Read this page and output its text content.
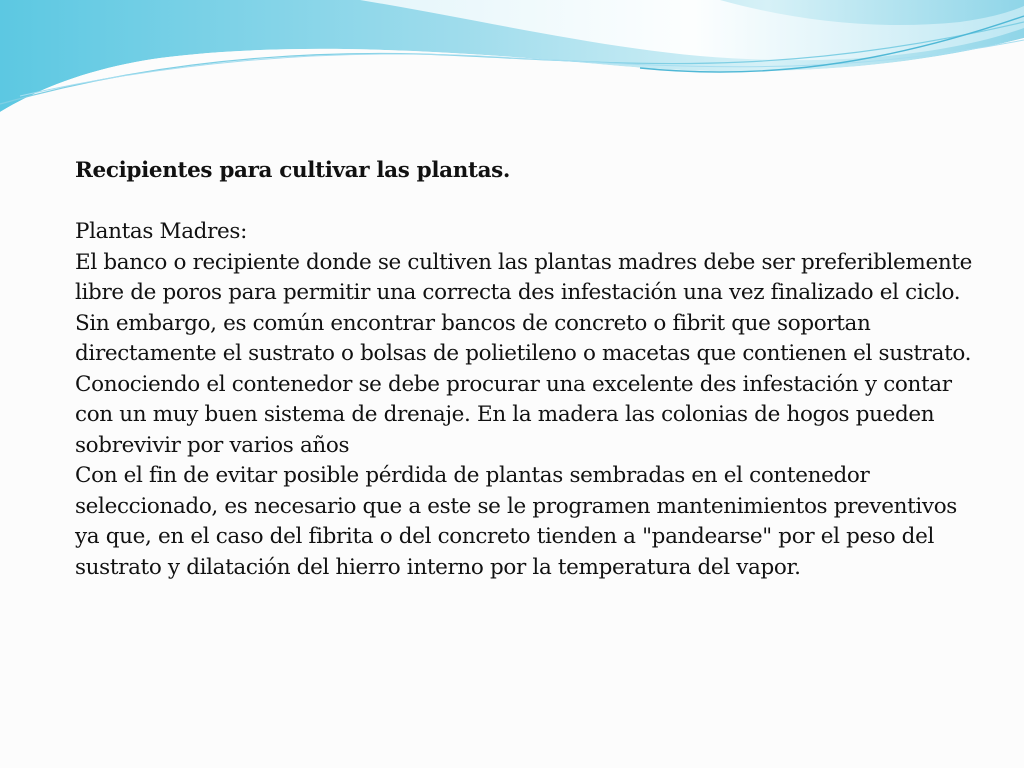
Recipientes para cultivar las plantas.

Plantas Madres:

El banco o recipiente donde se cultiven las plantas madres debe ser preferiblemente libre de poros para permitir una correcta des infestación una vez finalizado el ciclo. Sin embargo, es común encontrar bancos de concreto o fibrit que soportan directamente el sustrato o bolsas de polietileno o macetas que contienen el sustrato. Conociendo el contenedor se debe procurar una excelente des infestación y contar con un muy buen sistema de drenaje. En la madera las colonias de hogos pueden sobrevivir por varios años

Con el fin de evitar posible pérdida de plantas sembradas en el contenedor seleccionado, es necesario que a este se le programen mantenimientos preventivos ya que, en el caso del fibrita o del concreto tienden a "pandearse" por el peso del sustrato y dilatación del hierro interno por la temperatura del vapor.
